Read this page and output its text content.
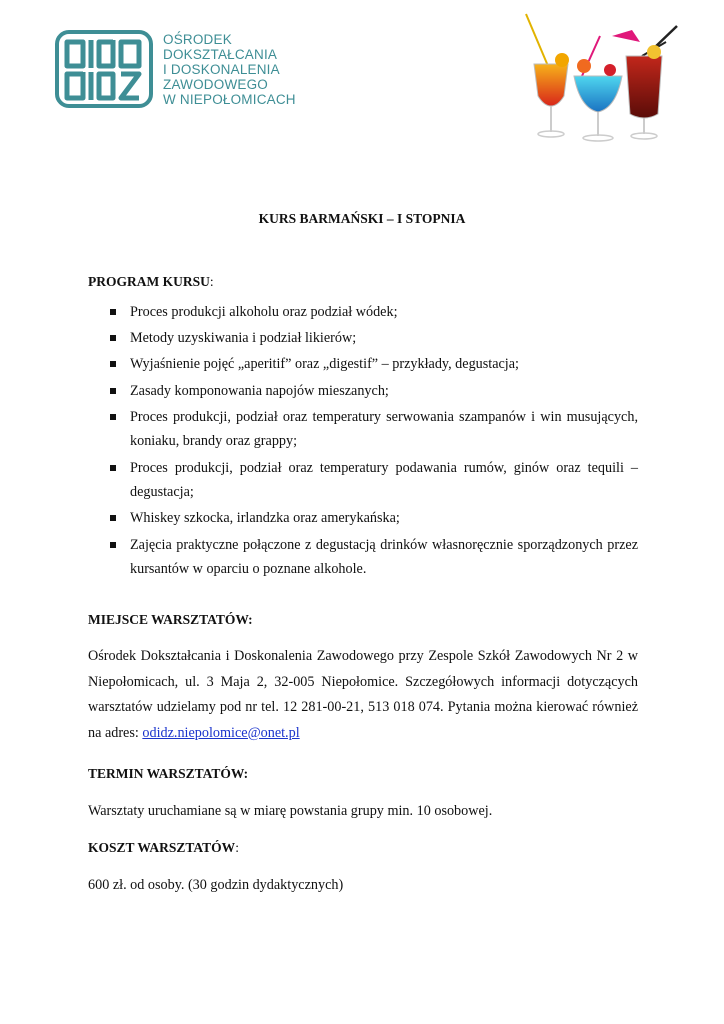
OŚRODEK
DOKSZTAŁCANIA
I DOSKONALENIA
ZAWODOWEGO
W NIEPOŁOMICACH
KURS BARMAŃSKI – I STOPNIA
PROGRAM KURSU:
Proces produkcji alkoholu oraz podział wódek;
Metody uzyskiwania i podział likierów;
Wyjaśnienie pojęć „aperitif” oraz „digestif” – przykłady, degustacja;
Zasady komponowania napojów mieszanych;
Proces produkcji, podział oraz temperatury serwowania szampanów i win musujących, koniaku, brandy oraz grappy;
Proces produkcji, podział oraz temperatury podawania rumów, ginów oraz tequili – degustacja;
Whiskey szkocka, irlandzka oraz amerykańska;
Zajęcia praktyczne połączone z degustacją drinków własnoręcznie sporządzonych przez kursantów w oparciu o poznane alkohole.
MIEJSCE WARSZTATÓW:
Ośrodek Dokształcania i Doskonalenia Zawodowego przy Zespole Szkół Zawodowych Nr 2 w Niepołomicach, ul. 3 Maja 2, 32-005 Niepołomice. Szczegółowych informacji dotyczących warsztatów udzielamy pod nr tel. 12 281-00-21, 513 018 074. Pytania można kierować również na adres: odidz.niepolomice@onet.pl
TERMIN WARSZTATÓW:
Warsztaty uruchamiane są w miarę powstania grupy min. 10 osobowej.
KOSZT WARSZTATÓW:
600 zł. od osoby. (30 godzin dydaktycznych)
